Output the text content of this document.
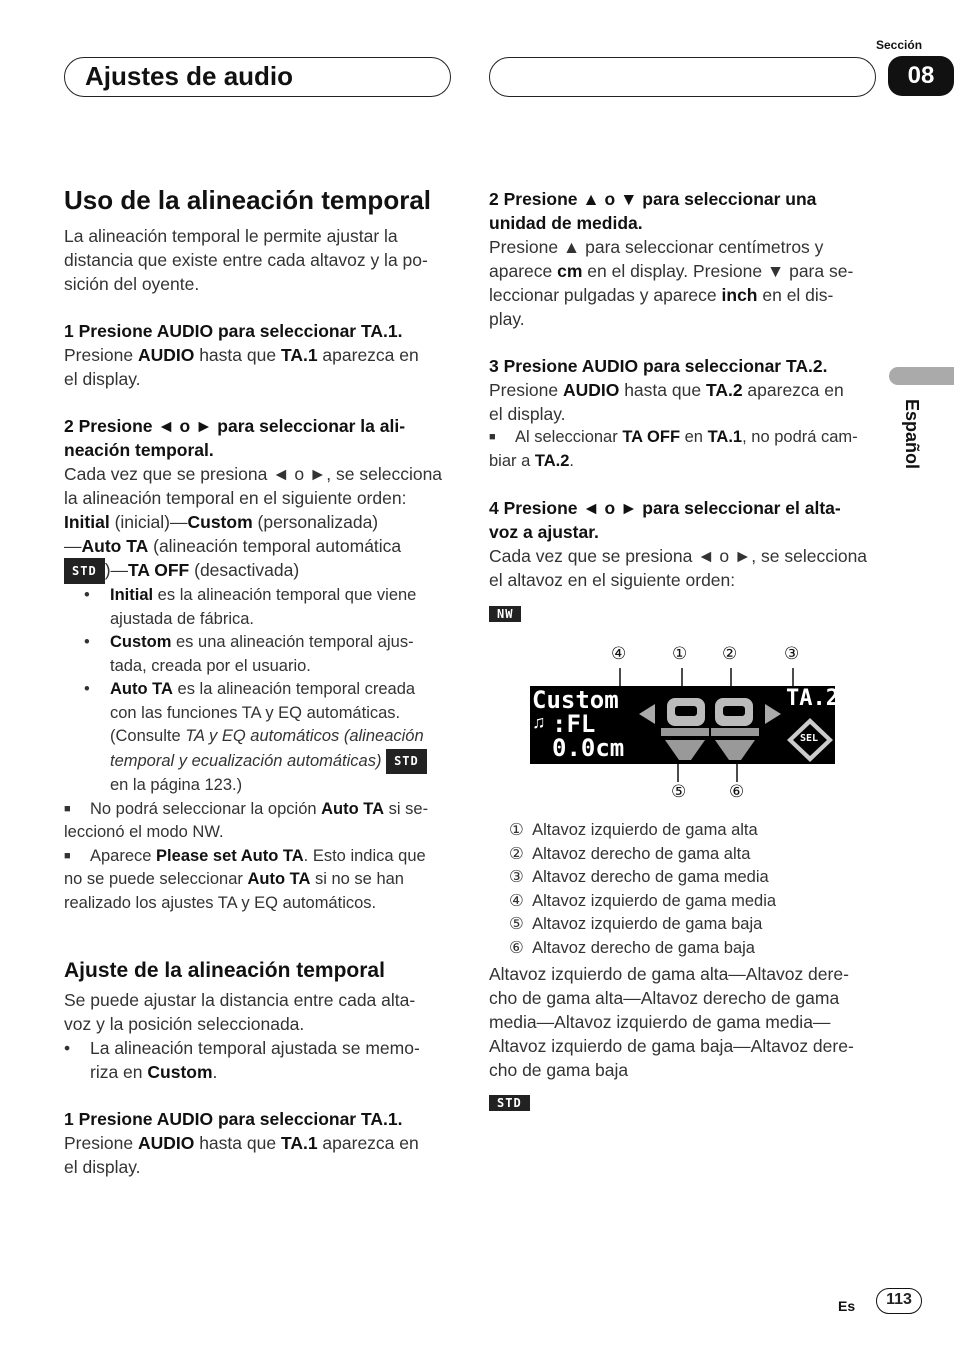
Ajustes de audio
Sección
08
Español
Uso de la alineación temporal
La alineación temporal le permite ajustar la
distancia que existe entre cada altavoz y la po-
sición del oyente.
1 Presione AUDIO para seleccionar TA.1.
Presione AUDIO hasta que TA.1 aparezca en
el display.
2 Presione ◄ o ► para seleccionar la ali-
neación temporal.
Cada vez que se presiona ◄ o ►, se selecciona
la alineación temporal en el siguiente orden:
Initial (inicial)—Custom (personalizada)
—Auto TA (alineación temporal automática
STD )—TA OFF (desactivada)
• Initial es la alineación temporal que viene
ajustada de fábrica.
• Custom es una alineación temporal ajus-
tada, creada por el usuario.
• Auto TA es la alineación temporal creada
con las funciones TA y EQ automáticas.
(Consulte TA y EQ automáticos (alineación
temporal y ecualización automáticas) STD
en la página 123.)
■ No podrá seleccionar la opción Auto TA si se-
leccionó el modo NW.
■ Aparece Please set Auto TA. Esto indica que
no se puede seleccionar Auto TA si no se han
realizado los ajustes TA y EQ automáticos.
Ajuste de la alineación temporal
Se puede ajustar la distancia entre cada alta-
voz y la posición seleccionada.
• La alineación temporal ajustada se memo-
riza en Custom.
1 Presione AUDIO para seleccionar TA.1.
Presione AUDIO hasta que TA.1 aparezca en
el display.
2 Presione ▲ o ▼ para seleccionar una
unidad de medida.
Presione ▲ para seleccionar centímetros y
aparece cm en el display. Presione ▼ para se-
leccionar pulgadas y aparece inch en el dis-
play.
3 Presione AUDIO para seleccionar TA.2.
Presione AUDIO hasta que TA.2 aparezca en
el display.
■ Al seleccionar TA OFF en TA.1, no podrá cam-
biar a TA.2.
4 Presione ◄ o ► para seleccionar el alta-
voz a ajustar.
Cada vez que se presiona ◄ o ►, se selecciona
el altavoz en el siguiente orden:
NW
④	① ②	③
⑤	⑥
Custom
♫ :FL
0.0cm
TA.2
SEL
① Altavoz izquierdo de gama alta
② Altavoz derecho de gama alta
③ Altavoz derecho de gama media
④ Altavoz izquierdo de gama media
⑤ Altavoz izquierdo de gama baja
⑥ Altavoz derecho de gama baja
Altavoz izquierdo de gama alta—Altavoz dere-
cho de gama alta—Altavoz derecho de gama
media—Altavoz izquierdo de gama media—
Altavoz izquierdo de gama baja—Altavoz dere-
cho de gama baja
STD
Es	113
